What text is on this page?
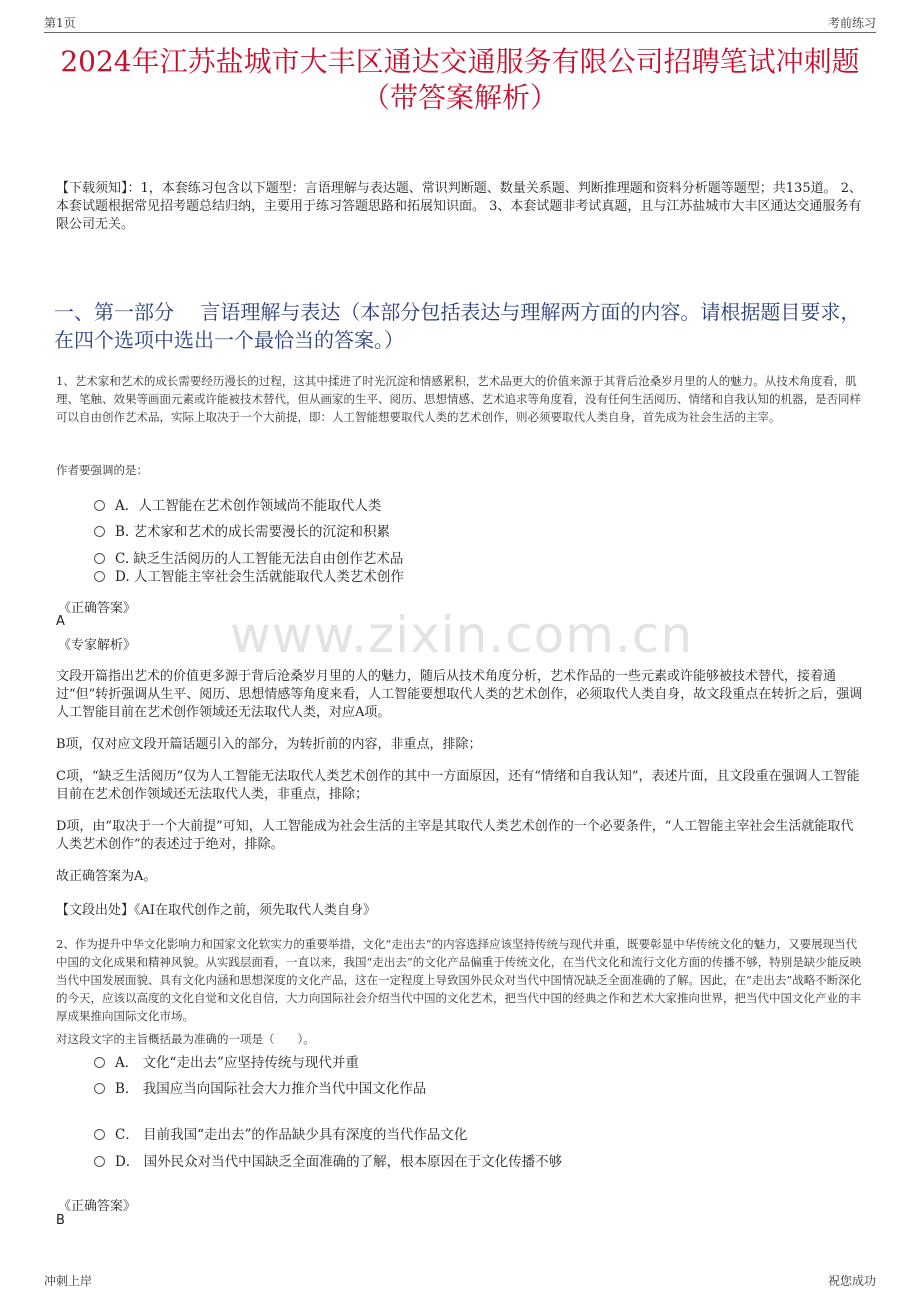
第1页	考前练习
2024年江苏盐城市大丰区通达交通服务有限公司招聘笔试冲刺题（带答案解析）
【下载须知】：1，本套练习包含以下题型：言语理解与表达题、常识判断题、数量关系题、判断推理题和资料分析题等题型；共135道。 2、本套试题根据常见招考题总结归纳，主要用于练习答题思路和拓展知识面。 3、本套试题非考试真题，且与江苏盐城市大丰区通达交通服务有限公司无关。
一、第一部分　 言语理解与表达（本部分包括表达与理解两方面的内容。请根据题目要求，在四个选项中选出一个最恰当的答案。）
1、艺术家和艺术的成长需要经历漫长的过程，这其中揉进了时光沉淀和情感累积，艺术品更大的价值来源于其背后沧桑岁月里的人的魅力。从技术角度看，肌理、笔触、效果等画面元素或许能被技术替代，但从画家的生平、阅历、思想情感、艺术追求等角度看，没有任何生活阅历、情绪和自我认知的机器，是否同样可以自由创作艺术品，实际上取决于一个大前提，即：人工智能想要取代人类的艺术创作，则必须要取代人类自身，首先成为社会生活的主宰。
作者要强调的是：
A．人工智能在艺术创作领域尚不能取代人类
B. 艺术家和艺术的成长需要漫长的沉淀和积累
C. 缺乏生活阅历的人工智能无法自由创作艺术品
D. 人工智能主宰社会生活就能取代人类艺术创作
《正确答案》
A
《专家解析》 www.zixin.com.cn
文段开篇指出艺术的价值更多源于背后沧桑岁月里的人的魅力，随后从技术角度分析，艺术作品的一些元素或许能够被技术替代，接着通过“但”转折强调从生平、阅历、思想情感等角度来看，人工智能要想取代人类的艺术创作，必须取代人类自身，故文段重点在转折之后，强调人工智能目前在艺术创作领域还无法取代人类，对应A项。
B项，仅对应文段开篇话题引入的部分，为转折前的内容，非重点，排除；
C项，“缺乏生活阅历”仅为人工智能无法取代人类艺术创作的其中一方面原因，还有“情绪和自我认知”，表述片面，且文段重在强调人工智能目前在艺术创作领域还无法取代人类，非重点，排除；
D项，由“取决于一个大前提”可知，人工智能成为社会生活的主宰是其取代人类艺术创作的一个必要条件，“人工智能主宰社会生活就能取代人类艺术创作”的表述过于绝对，排除。
故正确答案为A。
【文段出处】《AI在取代创作之前，须先取代人类自身》
2、作为提升中华文化影响力和国家文化软实力的重要举措，文化“走出去”的内容选择应该坚持传统与现代并重，既要彰显中华传统文化的魅力，又要展现当代中国的文化成果和精神风貌。从实践层面看，一直以来，我国“走出去”的文化产品偏重于传统文化，在当代文化和流行文化方面的传播不够，特别是缺少能反映当代中国发展面貌、具有文化内涵和思想深度的文化产品，这在一定程度上导致国外民众对当代中国情况缺乏全面准确的了解。因此，在“走出去”战略不断深化的今天，应该以高度的文化自觉和文化自信，大力向国际社会介绍当代中国的文化艺术，把当代中国的经典之作和艺术大家推向世界，把当代中国文化产业的丰厚成果推向国际文化市场。
对这段文字的主旨概括最为准确的一项是（　　）。
A． 文化“走出去”应坚持传统与现代并重
B． 我国应当向国际社会大力推介当代中国文化作品
C． 目前我国“走出去”的作品缺少具有深度的当代作品文化
D． 国外民众对当代中国缺乏全面准确的了解，根本原因在于文化传播不够
《正确答案》
B
冲刺上岸	祝您成功
